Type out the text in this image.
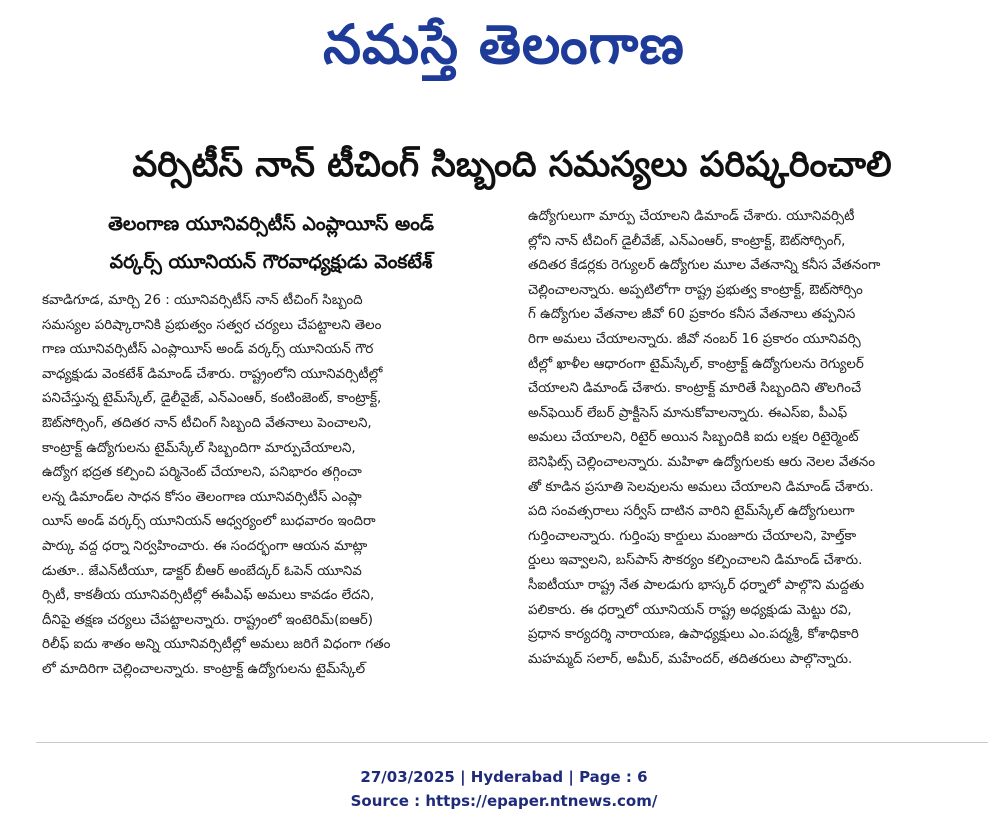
నమస్తే తెలంగాణ
వర్సిటీస్ నాన్ టీచింగ్ సిబ్బంది సమస్యలు పరిష్కరించాలి
తెలంగాణ యూనివర్సిటీస్ ఎంప్లాయీస్ అండ్
వర్కర్స్ యూనియన్ గౌరవాధ్యక్షుడు వెంకటేశ్
కవాడిగూడ, మార్చి 26 : యూనివర్సిటీస్ నాన్ టీచింగ్ సిబ్బంది
సమస్యల పరిష్కారానికి ప్రభుత్వం సత్వర చర్యలు చేపట్టాలని తెలం
గాణ యూనివర్సిటీస్ ఎంప్లాయీస్ అండ్ వర్కర్స్ యూనియన్ గౌర
వాధ్యక్షుడు వెంకటేశ్ డిమాండ్ చేశారు. రాష్ట్రంలోని యూనివర్సిటీల్లో
పనిచేస్తున్న టైమ్‌స్కేల్, డైలీవైజ్, ఎన్ఎంఆర్, కంటింజెంట్, కాంట్రాక్ట్,
ఔట్‌సోర్సింగ్, తదితర నాన్ టీచింగ్ సిబ్బంది వేతనాలు పెంచాలని,
కాంట్రాక్ట్ ఉద్యోగులను టైమ్‌స్కేల్ సిబ్బందిగా మార్పుచేయాలని,
ఉద్యోగ భద్రత కల్పించి పర్మినెంట్ చేయాలని, పనిభారం తగ్గించా
లన్న డిమాండ్‌ల సాధన కోసం తెలంగాణ యూనివర్సిటీస్ ఎంప్లా
యీస్ అండ్ వర్కర్స్ యూనియన్ ఆధ్వర్యంలో బుధవారం ఇందిరా
పార్కు వద్ద ధర్నా నిర్వహించారు. ఈ సందర్భంగా ఆయన మాట్లా
డుతూ.. జేఎన్‌టీయూ, డాక్టర్ బీఆర్ అంబేద్కర్ ఓపెన్ యూనివ
ర్సిటీ, కాకతీయ యూనివర్సిటీల్లో ఈపీఎఫ్ అమలు కావడం లేదని,
దీనిపై తక్షణ చర్యలు చేపట్టాలన్నారు. రాష్ట్రంలో ఇంటెరిమ్(ఐఆర్)
రిలీఫ్ ఐదు శాతం అన్ని యూనివర్సిటీల్లో అమలు జరిగే విధంగా గతం
లో మాదిరిగా చెల్లించాలన్నారు. కాంట్రాక్ట్ ఉద్యోగులను టైమ్‌స్కేల్
ఉద్యోగులుగా మార్పు చేయాలని డిమాండ్ చేశారు. యూనివర్సిటీ
ల్లోని నాన్ టీచింగ్ డైలీవేజ్, ఎన్ఎంఆర్, కాంట్రాక్ట్, ఔట్‌సోర్సింగ్,
తదితర కేడర్లకు రెగ్యులర్ ఉద్యోగుల మూల వేతనాన్ని కనీస వేతనంగా
చెల్లించాలన్నారు. అప్పటిలోగా రాష్ట్ర ప్రభుత్వ కాంట్రాక్ట్, ఔట్‌సోర్సిం
గ్ ఉద్యోగుల వేతనాల జీవో 60 ప్రకారం కనీస వేతనాలు తప్పనిస
రిగా అమలు చేయాలన్నారు. జీవో నంబర్ 16 ప్రకారం యూనివర్సి
టీల్లో ఖాళీల ఆధారంగా టైమ్‌స్కేల్, కాంట్రాక్ట్ ఉద్యోగులను రెగ్యులర్
చేయాలని డిమాండ్ చేశారు. కాంట్రాక్ట్ మారితే సిబ్బందిని తొలగించే
అన్‌ఫెయిర్ లేబర్ ప్రాక్టీసెస్ మానుకోవాలన్నారు. ఈఎస్ఐ, పీఎఫ్
అమలు చేయాలని, రిటైర్ అయిన సిబ్బందికి ఐదు లక్షల రిటైర్మెంట్
బెనిఫిట్స్ చెల్లించాలన్నారు. మహిళా ఉద్యోగులకు ఆరు నెలల వేతనం
తో కూడిన ప్రసూతి సెలవులను అమలు చేయాలని డిమాండ్ చేశారు.
పది సంవత్సరాలు సర్వీస్ దాటిన వారిని టైమ్‌స్కేల్ ఉద్యోగులుగా
గుర్తించాలన్నారు. గుర్తింపు కార్డులు మంజూరు చేయాలని, హెల్త్‌కా
ర్డులు ఇవ్వాలని, బస్‌పాస్ సౌకర్యం కల్పించాలని డిమాండ్ చేశారు.
సీఐటీయూ రాష్ట్ర నేత పాలడుగు భాస్కర్ ధర్నాలో పాల్గొని మద్దతు
పలికారు. ఈ ధర్నాలో యూనియన్ రాష్ట్ర అధ్యక్షుడు మెట్టు రవి,
ప్రధాన కార్యదర్శి నారాయణ, ఉపాధ్యక్షులు ఎం.పద్మశ్రీ, కోశాధికారి
మహమ్మద్ సలార్, అమీర్, మహేందర్, తదితరులు పాల్గొన్నారు.
27/03/2025 | Hyderabad | Page : 6
Source : https://epaper.ntnews.com/
